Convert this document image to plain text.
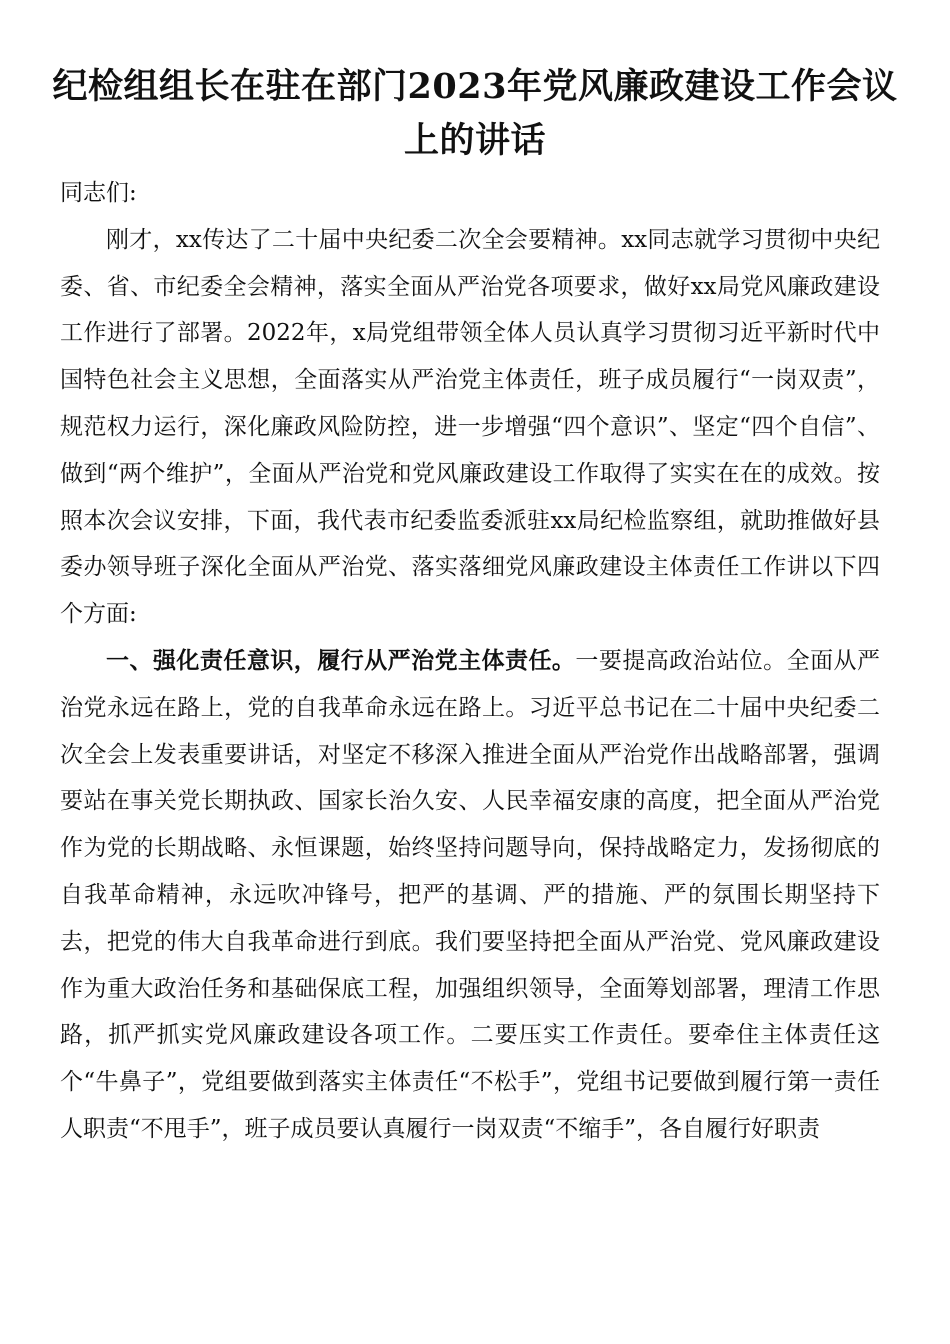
纪检组组长在驻在部门2023年党风廉政建设工作会议上的讲话

同志们:

刚才，xx传达了二十届中央纪委二次全会要精神。xx同志就学习贯彻中央纪委、省、市纪委全会精神，落实全面从严治党各项要求，做好xx局党风廉政建设工作进行了部署。2022年，x局党组带领全体人员认真学习贯彻习近平新时代中国特色社会主义思想，全面落实从严治党主体责任，班子成员履行“一岗双责”，规范权力运行，深化廉政风险防控，进一步增强“四个意识”、坚定“四个自信”、做到“两个维护”，全面从严治党和党风廉政建设工作取得了实实在在的成效。按照本次会议安排，下面，我代表市纪委监委派驻xx局纪检监察组，就助推做好县委办领导班子深化全面从严治党、落实落细党风廉政建设主体责任工作讲以下四个方面:

一、强化责任意识，履行从严治党主体责任。一要提高政治站位。全面从严治党永远在路上，党的自我革命永远在路上。习近平总书记在二十届中央纪委二次全会上发表重要讲话，对坚定不移深入推进全面从严治党作出战略部署，强调要站在事关党长期执政、国家长治久安、人民幸福安康的高度，把全面从严治党作为党的长期战略、永恒课题，始终坚持问题导向，保持战略定力，发扬彻底的自我革命精神，永远吹冲锋号，把严的基调、严的措施、严的氛围长期坚持下去，把党的伟大自我革命进行到底。我们要坚持把全面从严治党、党风廉政建设作为重大政治任务和基础保底工程，加强组织领导，全面筹划部署，理清工作思路，抓严抓实党风廉政建设各项工作。二要压实工作责任。要牵住主体责任这个“牛鼻子”，党组要做到落实主体责任“不松手”，党组书记要做到履行第一责任人职责“不甩手”，班子成员要认真履行一岗双责“不缩手”，各自履行好职责
